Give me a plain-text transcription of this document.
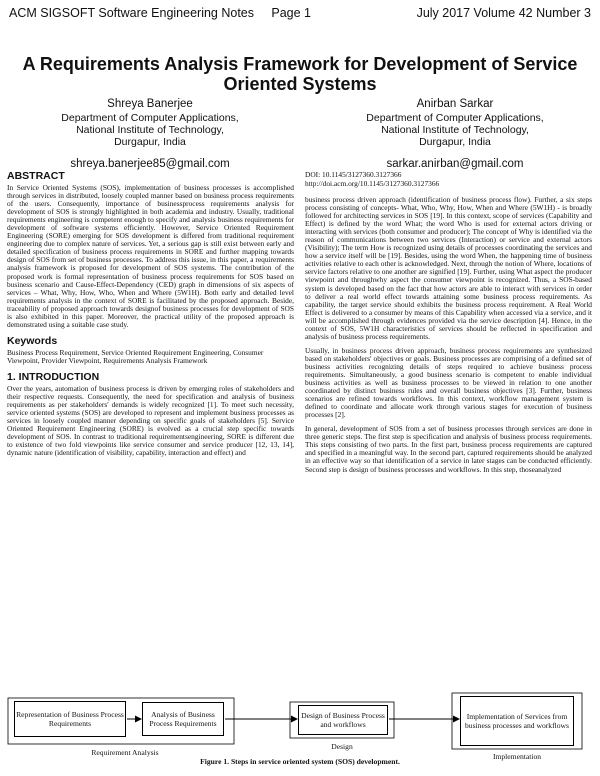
ACM SIGSOFT Software Engineering Notes     Page 1	July 2017 Volume 42 Number 3
A Requirements Analysis Framework for Development of Service Oriented Systems
Shreya Banerjee
Department of Computer Applications,
National Institute of Technology,
Durgapur, India
shreya.banerjee85@gmail.com
Anirban Sarkar
Department of Computer Applications,
National Institute of Technology,
Durgapur, India
sarkar.anirban@gmail.com
ABSTRACT

In Service Oriented Systems (SOS), implementation of business processes is accomplished through services in distributed, loosely coupled manner based on business process requirements of the users. Consequently, importance of businessprocess requirements analysis for development of SOS is strongly highlighted in both academia and industry. Usually, traditional requirements engineering is competent enough to specify and analysis business requirements for development of software systems efficiently. However, Service Oriented Requirement Engineering (SORE) emerging for SOS development is differed from traditional requirement engineering due to complex nature of services. Yet, a serious gap is still exist between early and detailed specification of business process requirements in SORE and further mapping towards design of SOS from set of business processes. To address this issue, in this paper, a requirements analysis framework is proposed for development of SOS systems. The contribution of the proposed work is formal representation of business process requirements for SOS based on business scenario and Cause-Effect-Dependency (CED) graph in dimensions of six aspects of services – What, Why, How, Who, When and Where (5W1H). Both early and detailed level requirements analysis in the context of SORE is facilitated by the proposed approach. Beside, traceability of proposed approach towards designof business processes for development of SOS is also exhibited in this paper. Moreover, the practical utility of the proposed approach is demonstrated using a suitable case study.

Keywords

Business Process Requirement, Service Oriented Requirement Engineering, Consumer Viewpoint, Provider Viewpoint, Requirements Analysis Framework

1. INTRODUCTION

Over the years, automation of business process is driven by emerging roles of stakeholders and their respective requests. Consequently, the need for specification and analysis of business requirements as per stakeholders' demands is widely recognized [1]. To meet such necessity, service oriented systems (SOS) are developed to represent and implement business processes as services in loosely coupled manner depending on specific goals of stakeholders [5]. Service Oriented Requirement Engineering (SORE) is evolved as a crucial step specific towards development of SOS. In contrast to traditional requirementsengineering, SORE is different due to existence of two fold viewpoints like service consumer and service producer [12, 13, 14], dynamic nature (identification of visibility, capability, interaction and effect) and

DOI: 10.1145/3127360.3127366
http://doi.acm.org/10.1145/3127360.3127366

business process driven approach (identification of business process flow). Further, a six steps process consisting of concepts- What, Who, Why, How, When and Where (5W1H) - is broadly followed for architecting services in SOS [19]. In this context, scope of services (Capability and Effect) is defined by the word What; the word Who is used for external actors driving or interacting with services (both consumer and producer); The concept of Why is identified via the reason of communications between two services (Interaction) or service and external actors (Visibility); The term How is recognized using details of processes coordinating the services and how a service itself will be [19]. Besides, using the word When, the happening time of business activities relative to each other is acknowledged. Next, through the notion of Where, locations of service factors relative to one another are signified [19]. Further, using What aspect the producer viewpoint and throughwhy aspect the consumer viewpoint is recognized. Thus, a SOS-based system is developed based on the fact that how actors are able to interact with services in order to deliver a real world effect towards attaining some business process requirements. As capability, the target service should exhibits the business process requirement. A Real World Effect is delivered to a consumer by means of this Capability when accessed via a service, and it will be accomplished through evidences provided via the service description [4]. Hence, in the context of SOS, 5W1H characteristics of services should be reflected in specification and analysis of business process requirements.

Usually, in business process driven approach, business process requirements are synthesized based on stakeholders' objectives or goals. Business processes are comprising of a defined set of business activities recognizing details of steps required to achieve business process requirements. Simultaneously, a good business scenario is competent to enable individual business activities as well as business processes to be viewed in relation to one another coordinated by distinct business rules and overall business objectives [3]. Further, business scenarios are refined towards workflows. In this context, workflow management system is defined to coordinate and allocate work through various stages for execution of business processes [2].

In general, development of SOS from a set of business processes through services are done in three generic steps. The first step is specification and analysis of business process requirements. This steps consisting of two parts. In the first part, business process requirements are captured and specified in a meaningful way. In the second part, captured requirements should be analyzed in an effective way so that identification of a service in later stages can be conducted efficiently. Second step is design of business processes and workflows. In this step, thoseanalyzed

Representation of Business Process Requirements
Analysis of Business Process Requirements
Design of Business Process and workflows
Implementation of Services from business processes and workflows
Requirement Analysis
Design
Implementation
Figure 1. Steps in service oriented system (SOS) development.
